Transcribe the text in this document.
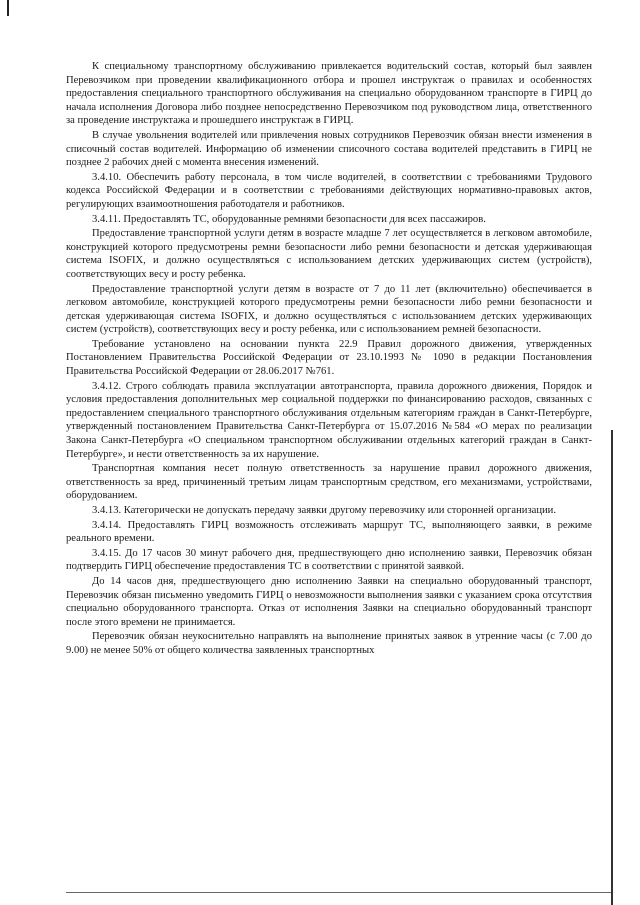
К специальному транспортному обслуживанию привлекается водительский состав, который был заявлен Перевозчиком при проведении квалификационного отбора и прошел инструктаж о правилах и особенностях предоставления специального транспортного обслуживания на специально оборудованном транспорте в ГИРЦ до начала исполнения Договора либо позднее непосредственно Перевозчиком под руководством лица, ответственного за проведение инструктажа и прошедшего инструктаж в ГИРЦ.

В случае увольнения водителей или привлечения новых сотрудников Перевозчик обязан внести изменения в списочный состав водителей. Информацию об изменении списочного состава водителей представить в ГИРЦ не позднее 2 рабочих дней с момента внесения изменений.

3.4.10. Обеспечить работу персонала, в том числе водителей, в соответствии с требованиями Трудового кодекса Российской Федерации и в соответствии с требованиями действующих нормативно-правовых актов, регулирующих взаимоотношения работодателя и работников.

3.4.11. Предоставлять ТС, оборудованные ремнями безопасности для всех пассажиров.

Предоставление транспортной услуги детям в возрасте младше 7 лет осуществляется в легковом автомобиле, конструкцией которого предусмотрены ремни безопасности либо ремни безопасности и детская удерживающая система ISOFIX, и должно осуществляться с использованием детских удерживающих систем (устройств), соответствующих весу и росту ребенка.

Предоставление транспортной услуги детям в возрасте от 7 до 11 лет (включительно) обеспечивается в легковом автомобиле, конструкцией которого предусмотрены ремни безопасности либо ремни безопасности и детская удерживающая система ISOFIX, и должно осуществляться с использованием детских удерживающих систем (устройств), соответствующих весу и росту ребенка, или с использованием ремней безопасности.

Требование установлено на основании пункта 22.9 Правил дорожного движения, утвержденных Постановлением Правительства Российской Федерации от 23.10.1993 № 1090 в редакции Постановления Правительства Российской Федерации от 28.06.2017 №761.

3.4.12. Строго соблюдать правила эксплуатации автотранспорта, правила дорожного движения, Порядок и условия предоставления дополнительных мер социальной поддержки по финансированию расходов, связанных с предоставлением специального транспортного обслуживания отдельным категориям граждан в Санкт-Петербурге, утвержденный постановлением Правительства Санкт-Петербурга от 15.07.2016 №584 «О мерах по реализации Закона Санкт-Петербурга «О специальном транспортном обслуживании отдельных категорий граждан в Санкт-Петербурге», и нести ответственность за их нарушение.

Транспортная компания несет полную ответственность за нарушение правил дорожного движения, ответственность за вред, причиненный третьим лицам транспортным средством, его механизмами, устройствами, оборудованием.

3.4.13. Категорически не допускать передачу заявки другому перевозчику или сторонней организации.

3.4.14. Предоставлять ГИРЦ возможность отслеживать маршрут ТС, выполняющего заявки, в режиме реального времени.

3.4.15. До 17 часов 30 минут рабочего дня, предшествующего дню исполнению заявки, Перевозчик обязан подтвердить ГИРЦ обеспечение предоставления ТС в соответствии с принятой заявкой.

До 14 часов дня, предшествующего дню исполнению Заявки на специально оборудованный транспорт, Перевозчик обязан письменно уведомить ГИРЦ о невозможности выполнения заявки с указанием срока отсутствия специально оборудованного транспорта. Отказ от исполнения Заявки на специально оборудованный транспорт после этого времени не принимается.

Перевозчик обязан неукоснительно направлять на выполнение принятых заявок в утренние часы (с 7.00 до 9.00) не менее 50% от общего количества заявленных транспортных
